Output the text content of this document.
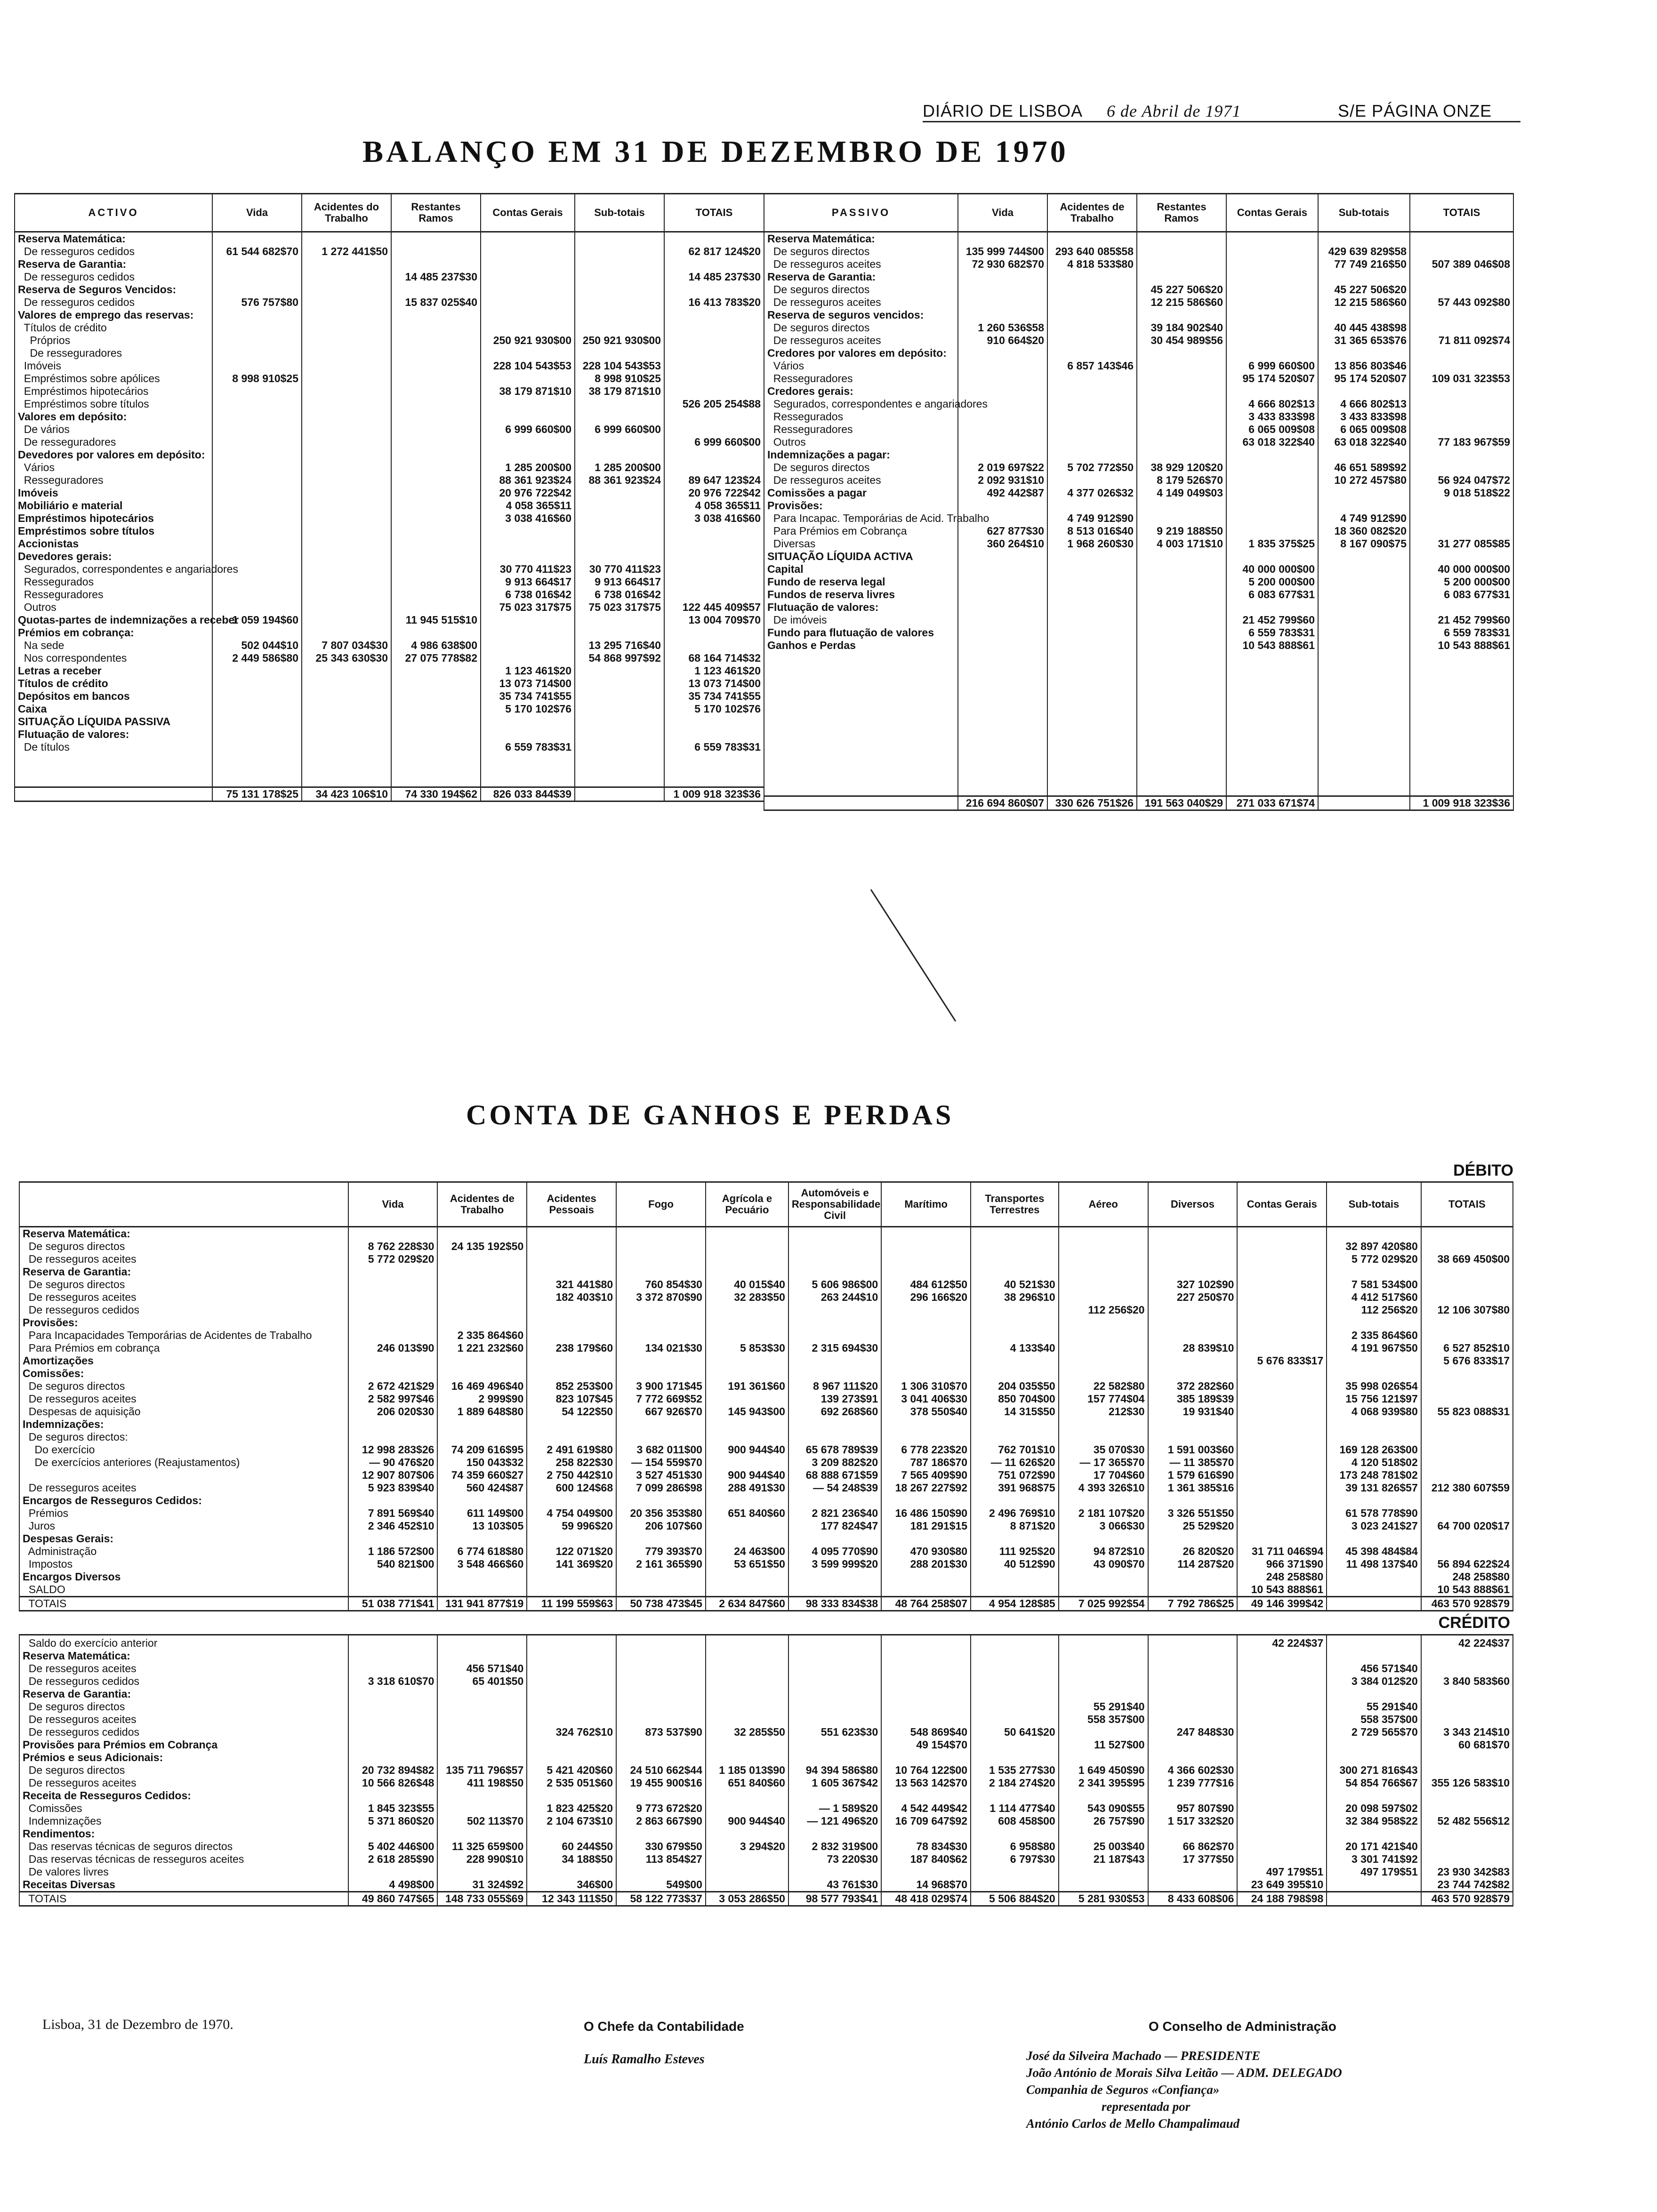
DIÁRIO DE LISBOA 6 de Abril de 1971	S/E PÁGINA ONZE
BALANÇO EM 31 DE DEZEMBRO DE 1970
ACTIVO	Vida	Acidentes do Trabalho	Restantes Ramos	Contas Gerais	Sub-totais	TOTAIS
Reserva Matemática:						
De resseguros cedidos	61 544 682$70	1 272 441$50				62 817 124$20
Reserva de Garantia:						
De resseguros cedidos			14 485 237$30			14 485 237$30
Reserva de Seguros Vencidos:						
De resseguros cedidos	576 757$80		15 837 025$40			16 413 783$20
Valores de emprego das reservas:						
Títulos de crédito						
Próprios				250 921 930$00	250 921 930$00	
De resseguradores						
Imóveis				228 104 543$53	228 104 543$53	
Empréstimos sobre apólices	8 998 910$25				8 998 910$25	
Empréstimos hipotecários				38 179 871$10	38 179 871$10	
Empréstimos sobre títulos						526 205 254$88
Valores em depósito:						
De vários				6 999 660$00	6 999 660$00	
De resseguradores						6 999 660$00
Devedores por valores em depósito:						
Vários				1 285 200$00	1 285 200$00	
Resseguradores				88 361 923$24	88 361 923$24	89 647 123$24
Imóveis				20 976 722$42		20 976 722$42
Mobiliário e material				4 058 365$11		4 058 365$11
Empréstimos hipotecários				3 038 416$60		3 038 416$60
Empréstimos sobre títulos						
Accionistas						
Devedores gerais:						
Segurados, correspondentes e angariadores				30 770 411$23	30 770 411$23	
Ressegurados				9 913 664$17	9 913 664$17	
Resseguradores				6 738 016$42	6 738 016$42	
Outros				75 023 317$75	75 023 317$75	122 445 409$57
Quotas-partes de indemnizações a receber	1 059 194$60		11 945 515$10			13 004 709$70
Prémios em cobrança:						
Na sede	502 044$10	7 807 034$30	4 986 638$00		13 295 716$40	
Nos correspondentes	2 449 586$80	25 343 630$30	27 075 778$82		54 868 997$92	68 164 714$32
Letras a receber				1 123 461$20		1 123 461$20
Títulos de crédito				13 073 714$00		13 073 714$00
Depósitos em bancos				35 734 741$55		35 734 741$55
Caixa				5 170 102$76		5 170 102$76
SITUAÇÃO LÍQUIDA PASSIVA						
Flutuação de valores:						
De títulos				6 559 783$31		6 559 783$31

	75 131 178$25	34 423 106$10	74 330 194$62	826 033 844$39		1 009 918 323$36
PASSIVO	Vida	Acidentes de Trabalho	Restantes Ramos	Contas Gerais	Sub-totais	TOTAIS
Reserva Matemática:						
De seguros directos	135 999 744$00	293 640 085$58			429 639 829$58	
De resseguros aceites	72 930 682$70	4 818 533$80			77 749 216$50	507 389 046$08
Reserva de Garantia:						
De seguros directos			45 227 506$20		45 227 506$20	
De resseguros aceites			12 215 586$60		12 215 586$60	57 443 092$80
Reserva de seguros vencidos:						
De seguros directos	1 260 536$58		39 184 902$40		40 445 438$98	
De resseguros aceites	910 664$20		30 454 989$56		31 365 653$76	71 811 092$74
Credores por valores em depósito:						
Vários		6 857 143$46		6 999 660$00	13 856 803$46	
Resseguradores				95 174 520$07	95 174 520$07	109 031 323$53
Credores gerais:						
Segurados, correspondentes e angariadores				4 666 802$13	4 666 802$13	
Ressegurados				3 433 833$98	3 433 833$98	
Resseguradores				6 065 009$08	6 065 009$08	
Outros				63 018 322$40	63 018 322$40	77 183 967$59
Indemnizações a pagar:						
De seguros directos	2 019 697$22	5 702 772$50	38 929 120$20		46 651 589$92	
De resseguros aceites	2 092 931$10		8 179 526$70		10 272 457$80	56 924 047$72
Comissões a pagar	492 442$87	4 377 026$32	4 149 049$03			9 018 518$22
Provisões:						
Para Incapac. Temporárias de Acid. Trabalho		4 749 912$90			4 749 912$90	
Para Prémios em Cobrança	627 877$30	8 513 016$40	9 219 188$50		18 360 082$20	
Diversas	360 264$10	1 968 260$30	4 003 171$10	1 835 375$25	8 167 090$75	31 277 085$85
SITUAÇÃO LÍQUIDA ACTIVA						
Capital				40 000 000$00		40 000 000$00
Fundo de reserva legal				5 200 000$00		5 200 000$00
Fundos de reserva livres				6 083 677$31		6 083 677$31
Flutuação de valores:						
De imóveis				21 452 799$60		21 452 799$60
Fundo para flutuação de valores				6 559 783$31		6 559 783$31
Ganhos e Perdas				10 543 888$61		10 543 888$61

	216 694 860$07	330 626 751$26	191 563 040$29	271 033 671$74		1 009 918 323$36
CONTA DE GANHOS E PERDAS
DÉBITO
	Vida	Acidentes de Trabalho	Acidentes Pessoais	Fogo	Agrícola e Pecuário	Automóveis e Responsabilidade Civil	Marítimo	Transportes Terrestres	Aéreo	Diversos	Contas Gerais	Sub-totais	TOTAIS
Reserva Matemática:													
De seguros directos	8 762 228$30	24 135 192$50										32 897 420$80	
De resseguros aceites	5 772 029$20											5 772 029$20	38 669 450$00
Reserva de Garantia:													
De seguros directos			321 441$80	760 854$30	40 015$40	5 606 986$00	484 612$50	40 521$30		327 102$90		7 581 534$00	
De resseguros aceites			182 403$10	3 372 870$90	32 283$50	263 244$10	296 166$20	38 296$10		227 250$70		4 412 517$60	
De resseguros cedidos									112 256$20			112 256$20	12 106 307$80
Provisões:													
Para Incapacidades Temporárias de Acidentes de Trabalho		2 335 864$60										2 335 864$60	
Para Prémios em cobrança	246 013$90	1 221 232$60	238 179$60	134 021$30	5 853$30	2 315 694$30		4 133$40		28 839$10		4 191 967$50	6 527 852$10
Amortizações											5 676 833$17		5 676 833$17
Comissões:													
De seguros directos	2 672 421$29	16 469 496$40	852 253$00	3 900 171$45	191 361$60	8 967 111$20	1 306 310$70	204 035$50	22 582$80	372 282$60		35 998 026$54	
De resseguros aceites	2 582 997$46	2 999$90	823 107$45	7 772 669$52		139 273$91	3 041 406$30	850 704$00	157 774$04	385 189$39		15 756 121$97	
Despesas de aquisição	206 020$30	1 889 648$80	54 122$50	667 926$70	145 943$00	692 268$60	378 550$40	14 315$50	212$30	19 931$40		4 068 939$80	55 823 088$31
Indemnizações:													
De seguros directos:													
Do exercício	12 998 283$26	74 209 616$95	2 491 619$80	3 682 011$00	900 944$40	65 678 789$39	6 778 223$20	762 701$10	35 070$30	1 591 003$60		169 128 263$00	
De exercícios anteriores (Reajustamentos)	— 90 476$20	150 043$32	258 822$30	— 154 559$70		3 209 882$20	787 186$70	— 11 626$20	— 17 365$70	— 11 385$70		4 120 518$02	
	12 907 807$06	74 359 660$27	2 750 442$10	3 527 451$30	900 944$40	68 888 671$59	7 565 409$90	751 072$90	17 704$60	1 579 616$90		173 248 781$02	
De resseguros aceites	5 923 839$40	560 424$87	600 124$68	7 099 286$98	288 491$30	— 54 248$39	18 267 227$92	391 968$75	4 393 326$10	1 361 385$16		39 131 826$57	212 380 607$59
Encargos de Resseguros Cedidos:													
Prémios	7 891 569$40	611 149$00	4 754 049$00	20 356 353$80	651 840$60	2 821 236$40	16 486 150$90	2 496 769$10	2 181 107$20	3 326 551$50		61 578 778$90	
Juros	2 346 452$10	13 103$05	59 996$20	206 107$60		177 824$47	181 291$15	8 871$20	3 066$30	25 529$20		3 023 241$27	64 700 020$17
Despesas Gerais:													
Administração	1 186 572$00	6 774 618$80	122 071$20	779 393$70	24 463$00	4 095 770$90	470 930$80	111 925$20	94 872$10	26 820$20	31 711 046$94	45 398 484$84	
Impostos	540 821$00	3 548 466$60	141 369$20	2 161 365$90	53 651$50	3 599 999$20	288 201$30	40 512$90	43 090$70	114 287$20	966 371$90	11 498 137$40	56 894 622$24
Encargos Diversos											248 258$80		248 258$80
SALDO											10 543 888$61		10 543 888$61
TOTAIS	51 038 771$41	131 941 877$19	11 199 559$63	50 738 473$45	2 634 847$60	98 333 834$38	48 764 258$07	4 954 128$85	7 025 992$54	7 792 786$25	49 146 399$42		463 570 928$79
CRÉDITO													

Saldo do exercício anterior											42 224$37		42 224$37
Reserva Matemática:													
De resseguros aceites		456 571$40										456 571$40	
De resseguros cedidos	3 318 610$70	65 401$50										3 384 012$20	3 840 583$60
Reserva de Garantia:													
De seguros directos									55 291$40			55 291$40	
De resseguros aceites									558 357$00			558 357$00	
De resseguros cedidos			324 762$10	873 537$90	32 285$50	551 623$30	548 869$40	50 641$20		247 848$30		2 729 565$70	3 343 214$10
Provisões para Prémios em Cobrança							49 154$70		11 527$00				60 681$70
Prémios e seus Adicionais:													
De seguros directos	20 732 894$82	135 711 796$57	5 421 420$60	24 510 662$44	1 185 013$90	94 394 586$80	10 764 122$00	1 535 277$30	1 649 450$90	4 366 602$30		300 271 816$43	
De resseguros aceites	10 566 826$48	411 198$50	2 535 051$60	19 455 900$16	651 840$60	1 605 367$42	13 563 142$70	2 184 274$20	2 341 395$95	1 239 777$16		54 854 766$67	355 126 583$10
Receita de Resseguros Cedidos:													
Comissões	1 845 323$55		1 823 425$20	9 773 672$20		— 1 589$20	4 542 449$42	1 114 477$40	543 090$55	957 807$90		20 098 597$02	
Indemnizações	5 371 860$20	502 113$70	2 104 673$10	2 863 667$90	900 944$40	— 121 496$20	16 709 647$92	608 458$00	26 757$90	1 517 332$20		32 384 958$22	52 482 556$12
Rendimentos:													
Das reservas técnicas de seguros directos	5 402 446$00	11 325 659$00	60 244$50	330 679$50	3 294$20	2 832 319$00	78 834$30	6 958$80	25 003$40	66 862$70		20 171 421$40	
Das reservas técnicas de resseguros aceites	2 618 285$90	228 990$10	34 188$50	113 854$27		73 220$30	187 840$62	6 797$30	21 187$43	17 377$50		3 301 741$92	
De valores livres											497 179$51	497 179$51	23 930 342$83
Receitas Diversas	4 498$00	31 324$92	346$00	549$00		43 761$30	14 968$70				23 649 395$10		23 744 742$82
TOTAIS	49 860 747$65	148 733 055$69	12 343 111$50	58 122 773$37	3 053 286$50	98 577 793$41	48 418 029$74	5 506 884$20	5 281 930$53	8 433 608$06	24 188 798$98		463 570 928$79
Lisboa, 31 de Dezembro de 1970.	O Chefe da Contabilidade
Luís Ramalho Esteves
O Conselho de Administração
José da Silveira Machado — PRESIDENTE
João António de Morais Silva Leitão — ADM. DELEGADO
Companhia de Seguros «Confiança»
representada por
António Carlos de Mello Champalimaud
